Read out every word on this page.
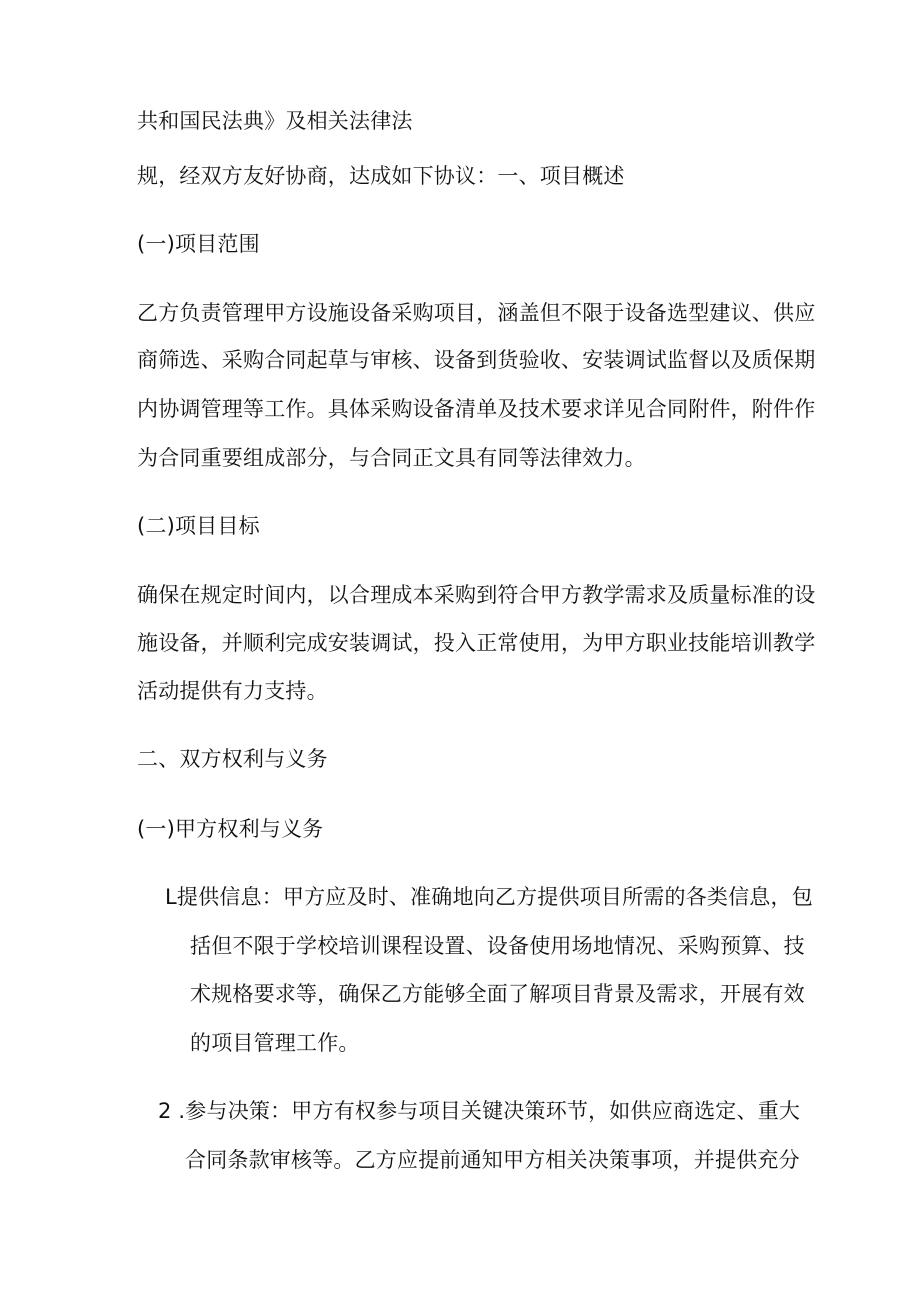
共和国民法典》及相关法律法
规，经双方友好协商，达成如下协议：一、项目概述
(一)项目范围
乙方负责管理甲方设施设备采购项目，涵盖但不限于设备选型建议、供应
商筛选、采购合同起草与审核、设备到货验收、安装调试监督以及质保期
内协调管理等工作。具体采购设备清单及技术要求详见合同附件，附件作
为合同重要组成部分，与合同正文具有同等法律效力。
(二)项目目标
确保在规定时间内，以合理成本采购到符合甲方教学需求及质量标准的设
施设备，并顺利完成安装调试，投入正常使用，为甲方职业技能培训教学
活动提供有力支持。
二、双方权利与义务
(一)甲方权利与义务
L提供信息：甲方应及时、准确地向乙方提供项目所需的各类信息，包
括但不限于学校培训课程设置、设备使用场地情况、采购预算、技
术规格要求等，确保乙方能够全面了解项目背景及需求，开展有效
的项目管理工作。
2 .参与决策：甲方有权参与项目关键决策环节，如供应商选定、重大
合同条款审核等。乙方应提前通知甲方相关决策事项，并提供充分
